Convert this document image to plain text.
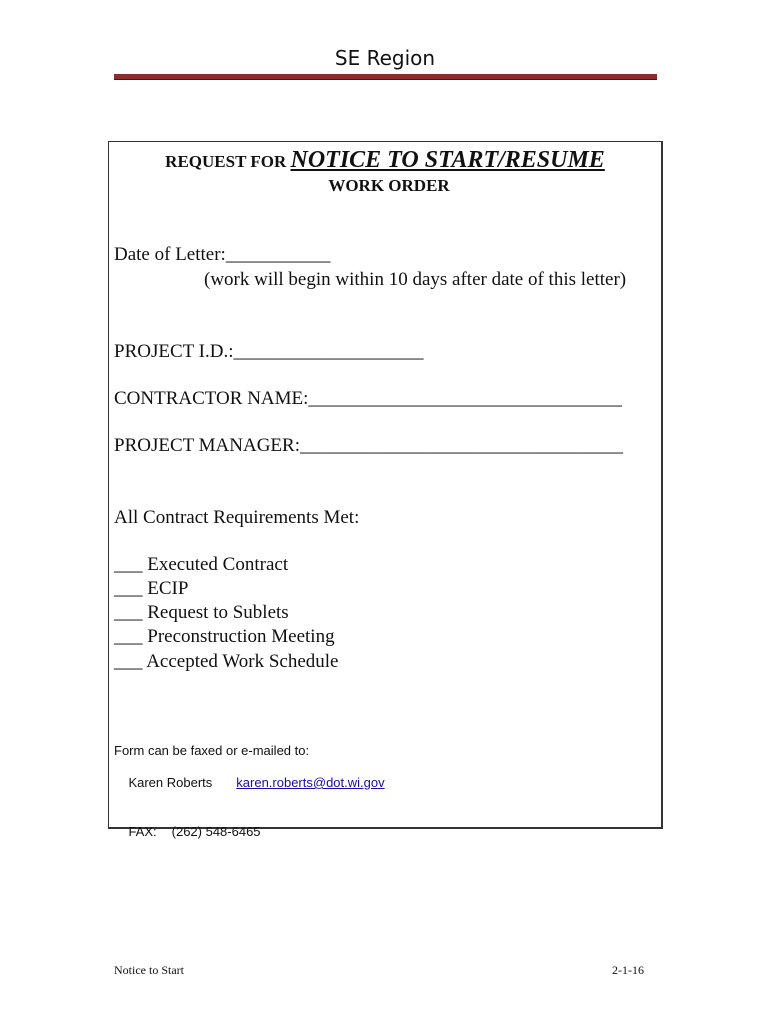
SE Region
REQUEST FOR NOTICE TO START/RESUME
WORK ORDER
Date of Letter:___________
(work will begin within 10 days after date of this letter)
PROJECT I.D.:____________________
CONTRACTOR NAME:_________________________________
PROJECT MANAGER:__________________________________
All Contract Requirements Met:
___ Executed Contract
___ ECIP
___ Request to Sublets
___ Preconstruction Meeting
___ Accepted Work Schedule
Form can be faxed or e-mailed to:

Karen Roberts karen.roberts@dot.wi.gov

FAX: (262) 548-6465

Notice to Start	2-1-16
